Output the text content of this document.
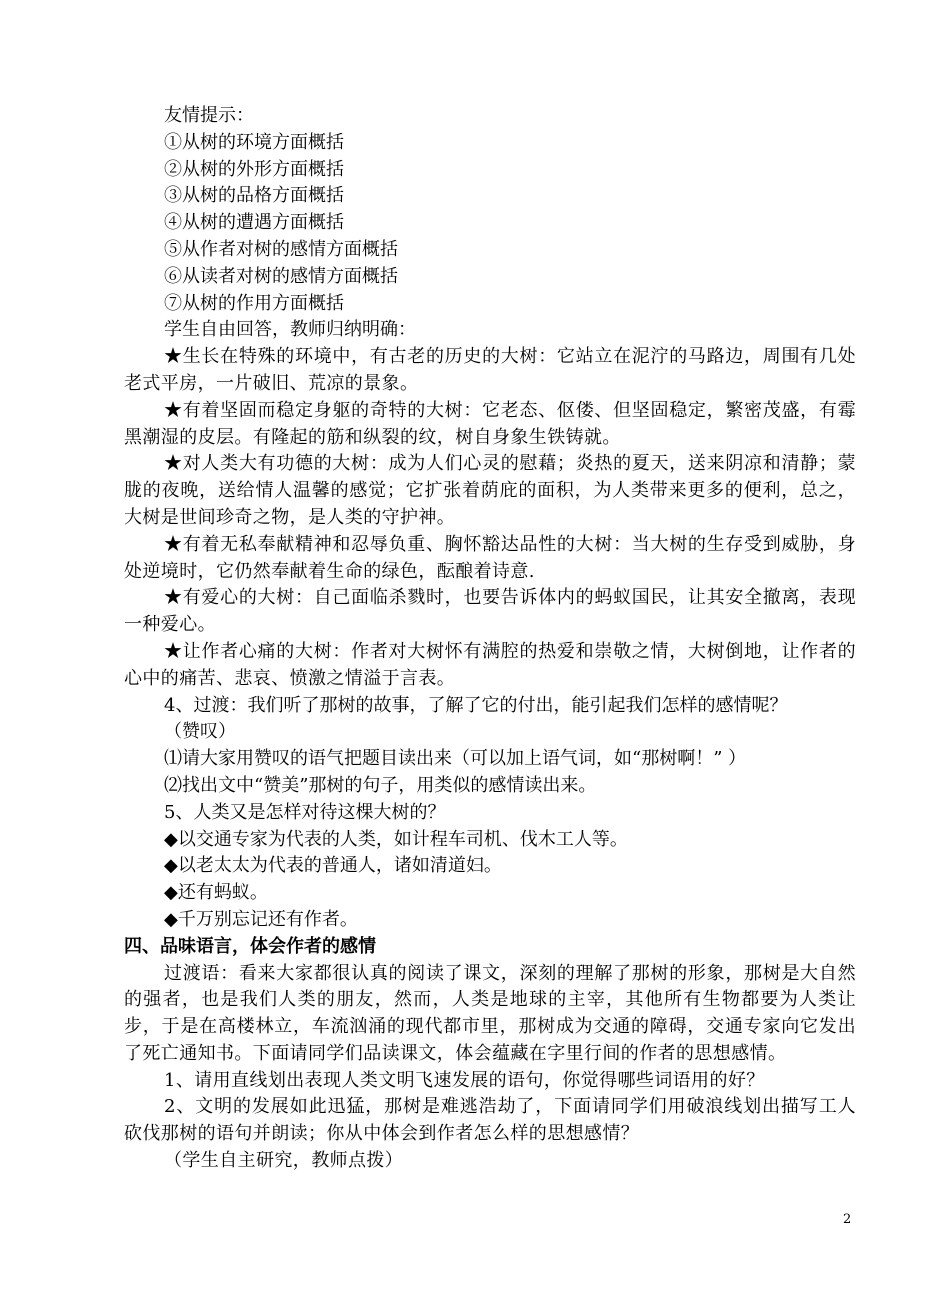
友情提示：

①从树的环境方面概括

②从树的外形方面概括

③从树的品格方面概括

④从树的遭遇方面概括

⑤从作者对树的感情方面概括

⑥从读者对树的感情方面概括

⑦从树的作用方面概括

学生自由回答，教师归纳明确：

★生长在特殊的环境中，有古老的历史的大树：它站立在泥泞的马路边，周围有几处老式平房，一片破旧、荒凉的景象。

★有着坚固而稳定身躯的奇特的大树：它老态、伛偻、但坚固稳定，繁密茂盛，有霉黑潮湿的皮层。有隆起的筋和纵裂的纹，树自身象生铁铸就。

★对人类大有功德的大树：成为人们心灵的慰藉；炎热的夏天，送来阴凉和清静；蒙胧的夜晚，送给情人温馨的感觉；它扩张着荫庇的面积，为人类带来更多的便利，总之，大树是世间珍奇之物，是人类的守护神。

★有着无私奉献精神和忍辱负重、胸怀豁达品性的大树：当大树的生存受到威胁，身处逆境时，它仍然奉献着生命的绿色，酝酿着诗意.

★有爱心的大树：自己面临杀戮时，也要告诉体内的蚂蚁国民，让其安全撤离，表现一种爱心。

★让作者心痛的大树：作者对大树怀有满腔的热爱和崇敬之情，大树倒地，让作者的心中的痛苦、悲哀、愤激之情溢于言表。

4、过渡：我们听了那树的故事，了解了它的付出，能引起我们怎样的感情呢？

（赞叹）

⑴请大家用赞叹的语气把题目读出来（可以加上语气词，如“那树啊！” ）

⑵找出文中“赞美”那树的句子，用类似的感情读出来。

5、人类又是怎样对待这棵大树的？

◆以交通专家为代表的人类，如计程车司机、伐木工人等。

◆以老太太为代表的普通人，诸如清道妇。

◆还有蚂蚁。

◆千万别忘记还有作者。

四、品味语言，体会作者的感情

过渡语：看来大家都很认真的阅读了课文，深刻的理解了那树的形象，那树是大自然的强者，也是我们人类的朋友，然而，人类是地球的主宰，其他所有生物都要为人类让步，于是在高楼林立，车流汹涌的现代都市里，那树成为交通的障碍，交通专家向它发出了死亡通知书。下面请同学们品读课文，体会蕴藏在字里行间的作者的思想感情。

1、请用直线划出表现人类文明飞速发展的语句，你觉得哪些词语用的好？

2、文明的发展如此迅猛，那树是难逃浩劫了，下面请同学们用破浪线划出描写工人砍伐那树的语句并朗读；你从中体会到作者怎么样的思想感情？

（学生自主研究，教师点拨）

2
